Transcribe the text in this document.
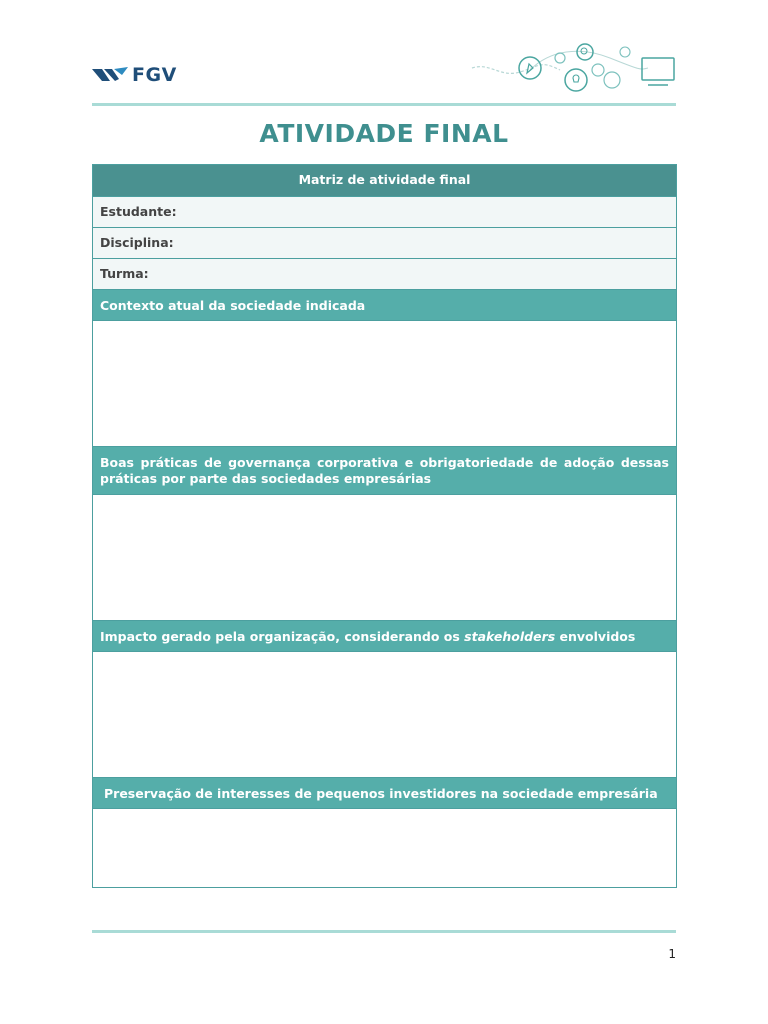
FGV
ATIVIDADE FINAL
Matriz de atividade final
Estudante:
Disciplina:
Turma:
Contexto atual da sociedade indicada
Boas práticas de governança corporativa e obrigatoriedade de adoção dessas práticas por parte das sociedades empresárias
Impacto gerado pela organização, considerando os stakeholders envolvidos
Preservação de interesses de pequenos investidores na sociedade empresária
1
